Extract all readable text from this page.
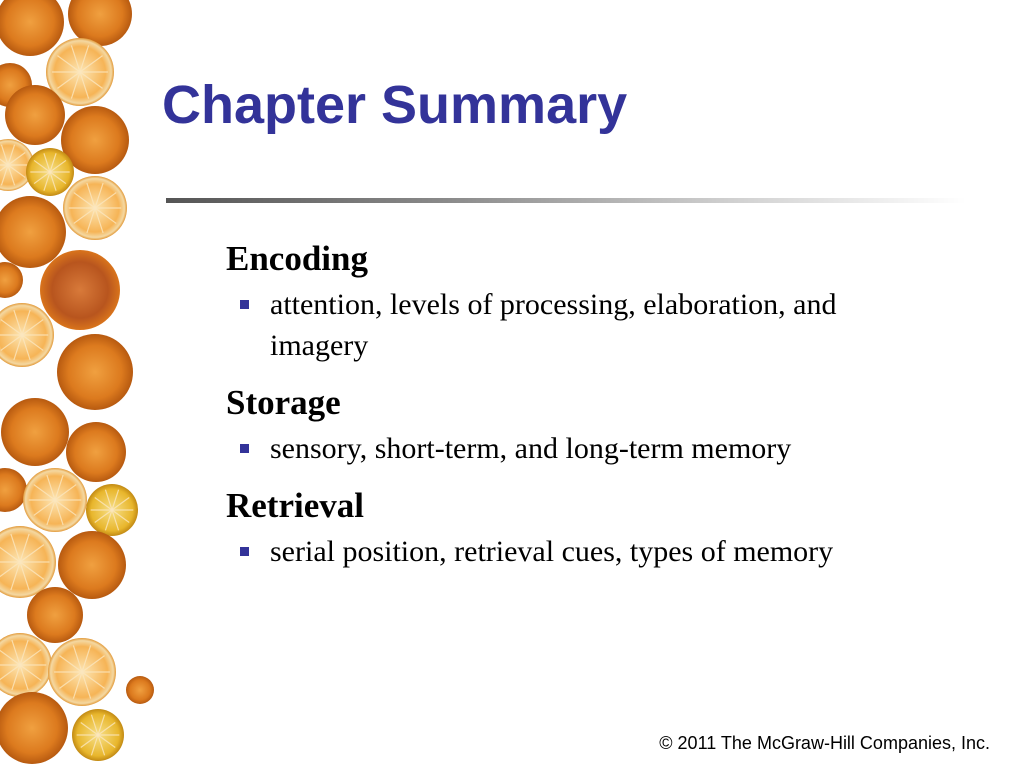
Chapter Summary
Encoding
attention, levels of processing, elaboration, and imagery
Storage
sensory, short-term, and long-term memory
Retrieval
serial position, retrieval cues, types of memory
© 2011 The McGraw-Hill Companies, Inc.
